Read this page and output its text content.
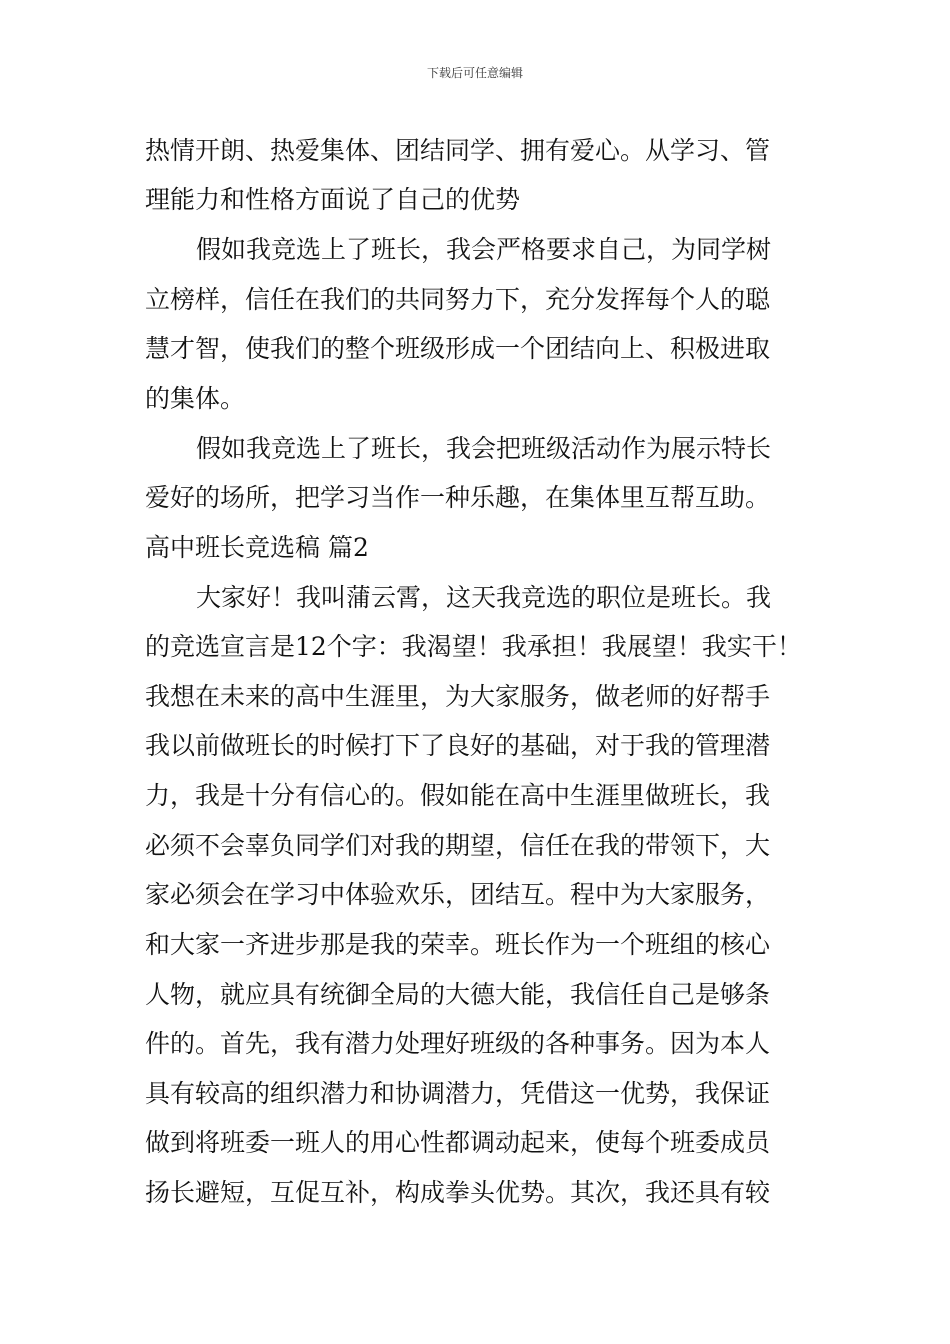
下载后可任意编辑
热情开朗、热爱集体、团结同学、拥有爱心。从学习、管
理能力和性格方面说了自己的优势
假如我竞选上了班长，我会严格要求自己，为同学树
立榜样，信任在我们的共同努力下，充分发挥每个人的聪
慧才智，使我们的整个班级形成一个团结向上、积极进取
的集体。
假如我竞选上了班长，我会把班级活动作为展示特长
爱好的场所，把学习当作一种乐趣，在集体里互帮互助。
高中班长竞选稿 篇2
大家好！我叫蒲云霄，这天我竞选的职位是班长。我
的竞选宣言是12个字：我渴望！我承担！我展望！我实干！
我想在未来的高中生涯里，为大家服务，做老师的好帮手
我以前做班长的时候打下了良好的基础，对于我的管理潜
力，我是十分有信心的。假如能在高中生涯里做班长，我
必须不会辜负同学们对我的期望，信任在我的带领下，大
家必须会在学习中体验欢乐，团结互。程中为大家服务，
和大家一齐进步那是我的荣幸。班长作为一个班组的核心
人物，就应具有统御全局的大德大能，我信任自己是够条
件的。首先，我有潜力处理好班级的各种事务。因为本人
具有较高的组织潜力和协调潜力，凭借这一优势，我保证
做到将班委一班人的用心性都调动起来，使每个班委成员
扬长避短，互促互补，构成拳头优势。其次，我还具有较
